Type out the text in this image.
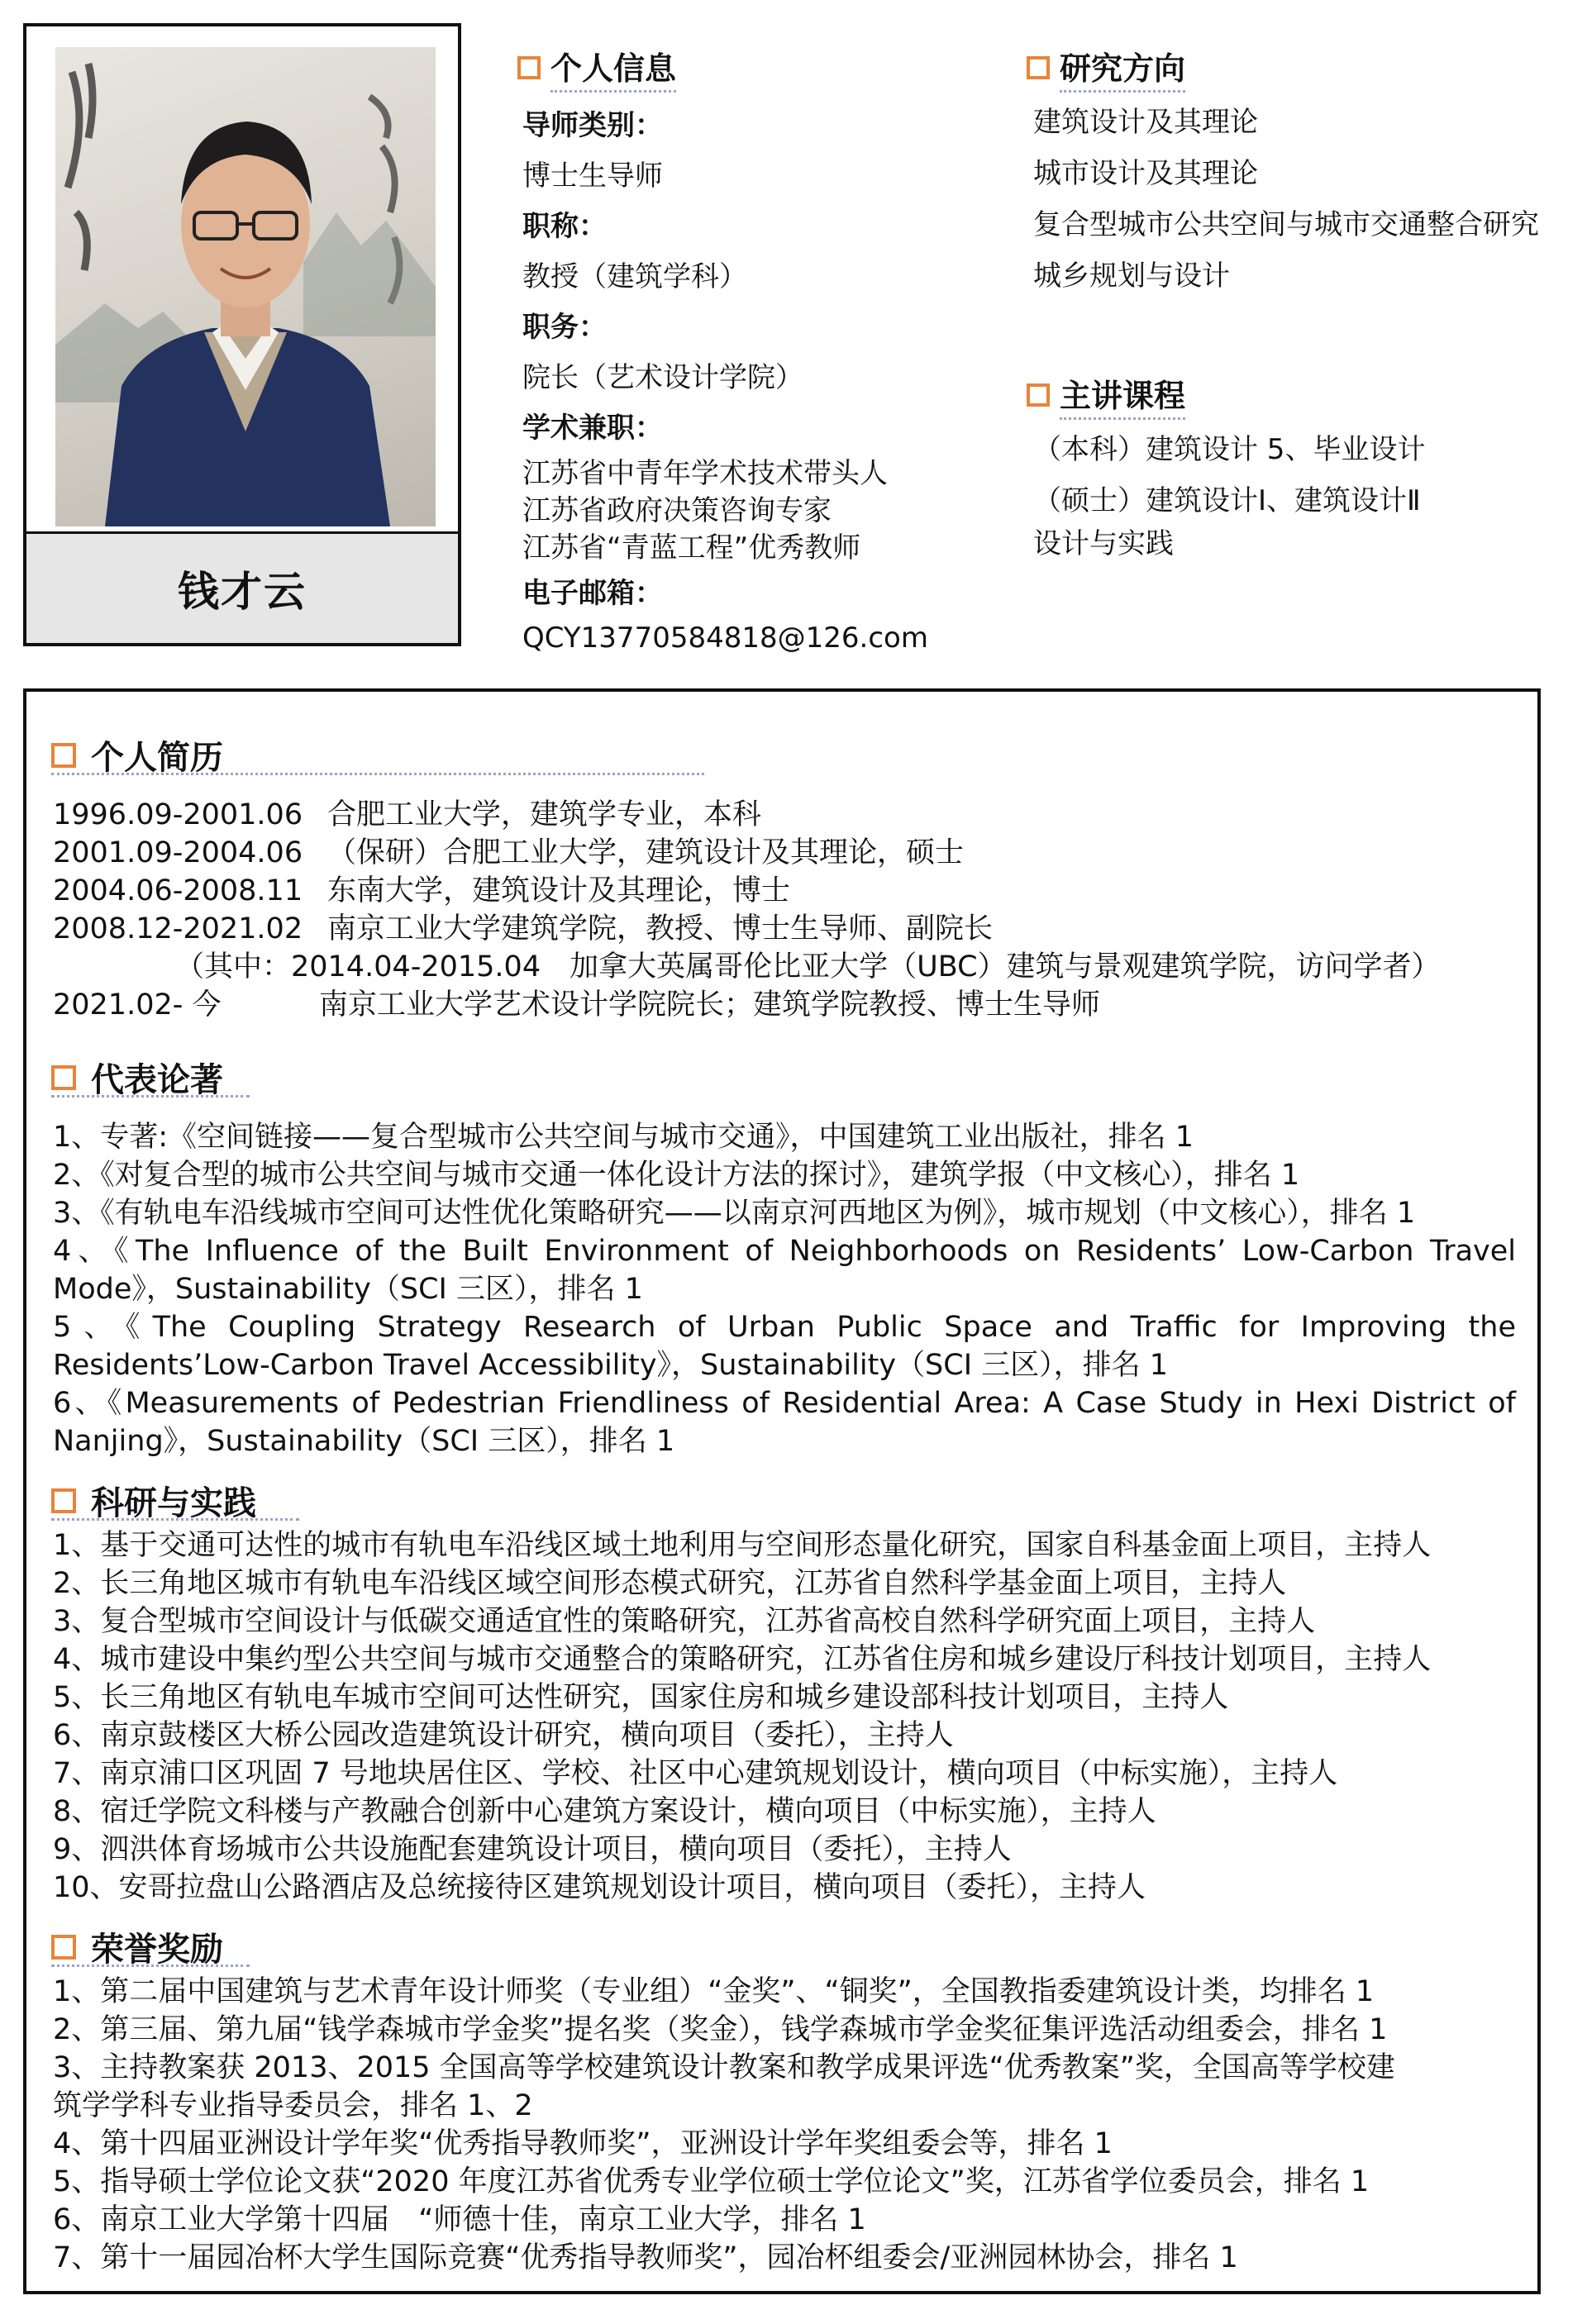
钱才云
个人信息
导师类别：
博士生导师
职称：
教授（建筑学科）
职务：
院长（艺术设计学院）
学术兼职：
江苏省中青年学术技术带头人
江苏省政府决策咨询专家
江苏省“青蓝工程”优秀教师
电子邮箱：
QCY13770584818@126.com
研究方向
建筑设计及其理论
城市设计及其理论
复合型城市公共空间与城市交通整合研究
城乡规划与设计
主讲课程
（本科）建筑设计 5、毕业设计
（硕士）建筑设计Ⅰ、建筑设计Ⅱ
设计与实践
个人简历
1996.09-2001.06 合肥工业大学，建筑学专业，本科
2001.09-2004.06 （保研）合肥工业大学，建筑设计及其理论，硕士
2004.06-2008.11 东南大学，建筑设计及其理论，博士
2008.12-2021.02 南京工业大学建筑学院，教授、博士生导师、副院长
（其中：2014.04-2015.04　加拿大英属哥伦比亚大学（UBC）建筑与景观建筑学院，访问学者）
2021.02- 今	南京工业大学艺术设计学院院长；建筑学院教授、博士生导师
代表论著
1、专著:《空间链接——复合型城市公共空间与城市交通》，中国建筑工业出版社，排名 1
2、《对复合型的城市公共空间与城市交通一体化设计方法的探讨》，建筑学报（中文核心），排名 1
3、《有轨电车沿线城市空间可达性优化策略研究——以南京河西地区为例》，城市规划（中文核心），排名 1
4、《The Influence of the Built Environment of Neighborhoods on Residents’ Low-Carbon Travel
Mode》，Sustainability（SCI 三区），排名 1
5、《The Coupling Strategy Research of Urban Public Space and Traffic for Improving the
Residents’Low-Carbon Travel Accessibility》，Sustainability（SCI 三区），排名 1
6、《Measurements of Pedestrian Friendliness of Residential Area: A Case Study in Hexi District of
Nanjing》，Sustainability（SCI 三区），排名 1
科研与实践
1、基于交通可达性的城市有轨电车沿线区域土地利用与空间形态量化研究，国家自科基金面上项目，主持人
2、长三角地区城市有轨电车沿线区域空间形态模式研究，江苏省自然科学基金面上项目，主持人
3、复合型城市空间设计与低碳交通适宜性的策略研究，江苏省高校自然科学研究面上项目，主持人
4、城市建设中集约型公共空间与城市交通整合的策略研究，江苏省住房和城乡建设厅科技计划项目，主持人
5、长三角地区有轨电车城市空间可达性研究，国家住房和城乡建设部科技计划项目，主持人
6、南京鼓楼区大桥公园改造建筑设计研究，横向项目（委托），主持人
7、南京浦口区巩固 7 号地块居住区、学校、社区中心建筑规划设计，横向项目（中标实施），主持人
8、宿迁学院文科楼与产教融合创新中心建筑方案设计，横向项目（中标实施），主持人
9、泗洪体育场城市公共设施配套建筑设计项目，横向项目（委托），主持人
10、安哥拉盘山公路酒店及总统接待区建筑规划设计项目，横向项目（委托），主持人
荣誉奖励
1、第二届中国建筑与艺术青年设计师奖（专业组）“金奖”、“铜奖”，全国教指委建筑设计类，均排名 1
2、第三届、第九届“钱学森城市学金奖”提名奖（奖金），钱学森城市学金奖征集评选活动组委会，排名 1
3、主持教案获 2013、2015 全国高等学校建筑设计教案和教学成果评选“优秀教案”奖，全国高等学校建
筑学学科专业指导委员会，排名 1、2
4、第十四届亚洲设计学年奖“优秀指导教师奖”，亚洲设计学年奖组委会等，排名 1
5、指导硕士学位论文获“2020 年度江苏省优秀专业学位硕士学位论文”奖，江苏省学位委员会，排名 1
6、南京工业大学第十四届　“师德十佳，南京工业大学，排名 1
7、第十一届园冶杯大学生国际竞赛“优秀指导教师奖”，园冶杯组委会/亚洲园林协会，排名 1
